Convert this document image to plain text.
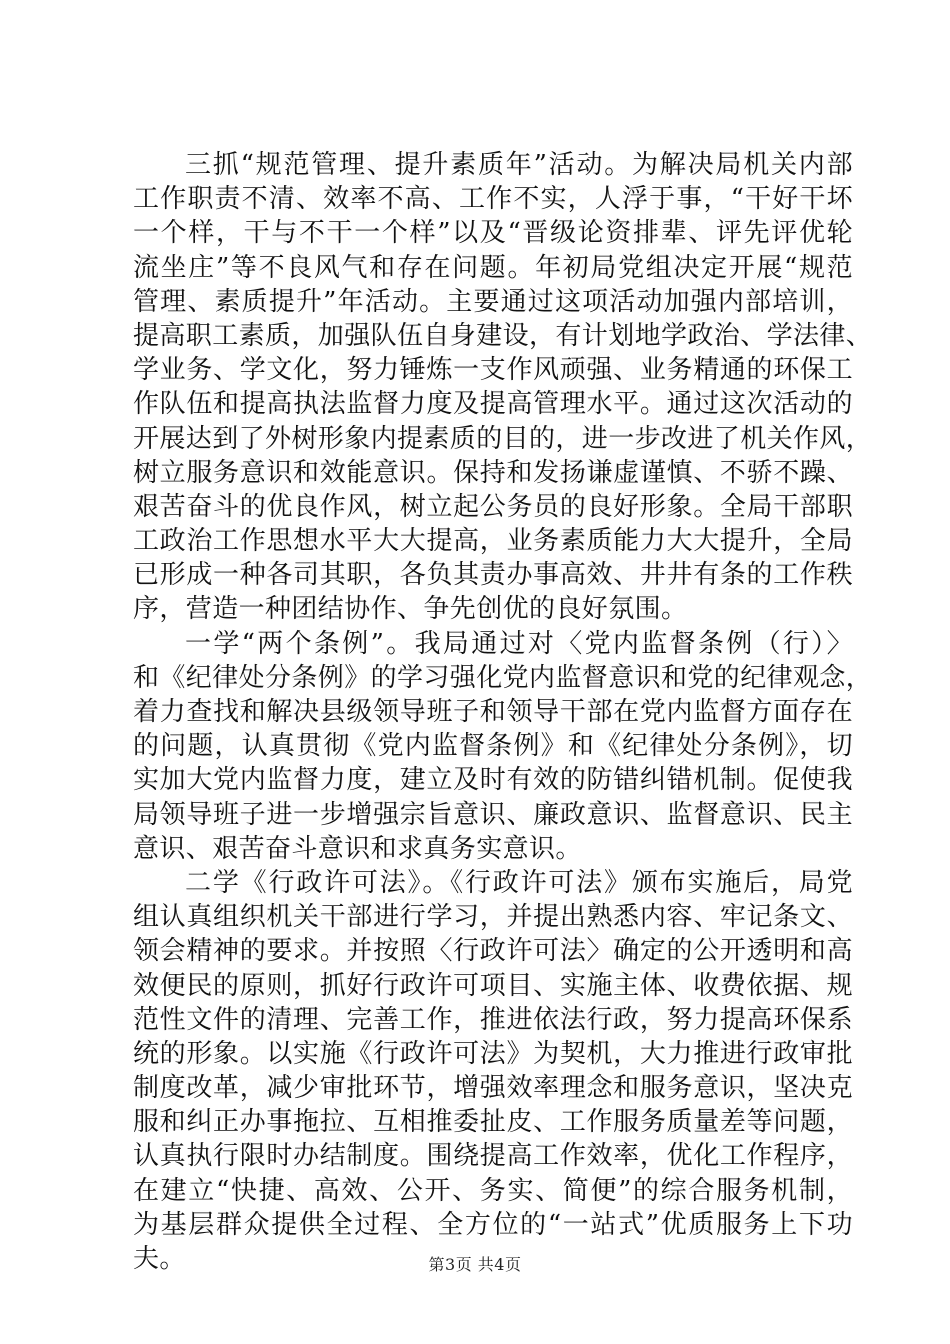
三抓“规范管理、提升素质年”活动。为解决局机关内部
工作职责不清、效率不高、工作不实，人浮于事，“干好干坏
一个样，干与不干一个样”以及“晋级论资排辈、评先评优轮
流坐庄”等不良风气和存在问题。年初局党组决定开展“规范
管理、素质提升”年活动。主要通过这项活动加强内部培训，
提高职工素质，加强队伍自身建设，有计划地学政治、学法律、
学业务、学文化，努力锤炼一支作风顽强、业务精通的环保工
作队伍和提高执法监督力度及提高管理水平。通过这次活动的
开展达到了外树形象内提素质的目的，进一步改进了机关作风，
树立服务意识和效能意识。保持和发扬谦虚谨慎、不骄不躁、
艰苦奋斗的优良作风，树立起公务员的良好形象。全局干部职
工政治工作思想水平大大提高，业务素质能力大大提升，全局
已形成一种各司其职，各负其责办事高效、井井有条的工作秩
序，营造一种团结协作、争先创优的良好氛围。
一学“两个条例”。我局通过对〈党内监督条例（行）〉
和《纪律处分条例》的学习强化党内监督意识和党的纪律观念，
着力查找和解决县级领导班子和领导干部在党内监督方面存在
的问题，认真贯彻《党内监督条例》和《纪律处分条例》，切
实加大党内监督力度，建立及时有效的防错纠错机制。促使我
局领导班子进一步增强宗旨意识、廉政意识、监督意识、民主
意识、艰苦奋斗意识和求真务实意识。
二学《行政许可法》。《行政许可法》颁布实施后，局党
组认真组织机关干部进行学习，并提出熟悉内容、牢记条文、
领会精神的要求。并按照〈行政许可法〉确定的公开透明和高
效便民的原则，抓好行政许可项目、实施主体、收费依据、规
范性文件的清理、完善工作，推进依法行政，努力提高环保系
统的形象。以实施《行政许可法》为契机，大力推进行政审批
制度改革，减少审批环节，增强效率理念和服务意识，坚决克
服和纠正办事拖拉、互相推委扯皮、工作服务质量差等问题，
认真执行限时办结制度。围绕提高工作效率，优化工作程序，
在建立“快捷、高效、公开、务实、简便”的综合服务机制，
为基层群众提供全过程、全方位的“一站式”优质服务上下功
夫。	第3页 共4页
